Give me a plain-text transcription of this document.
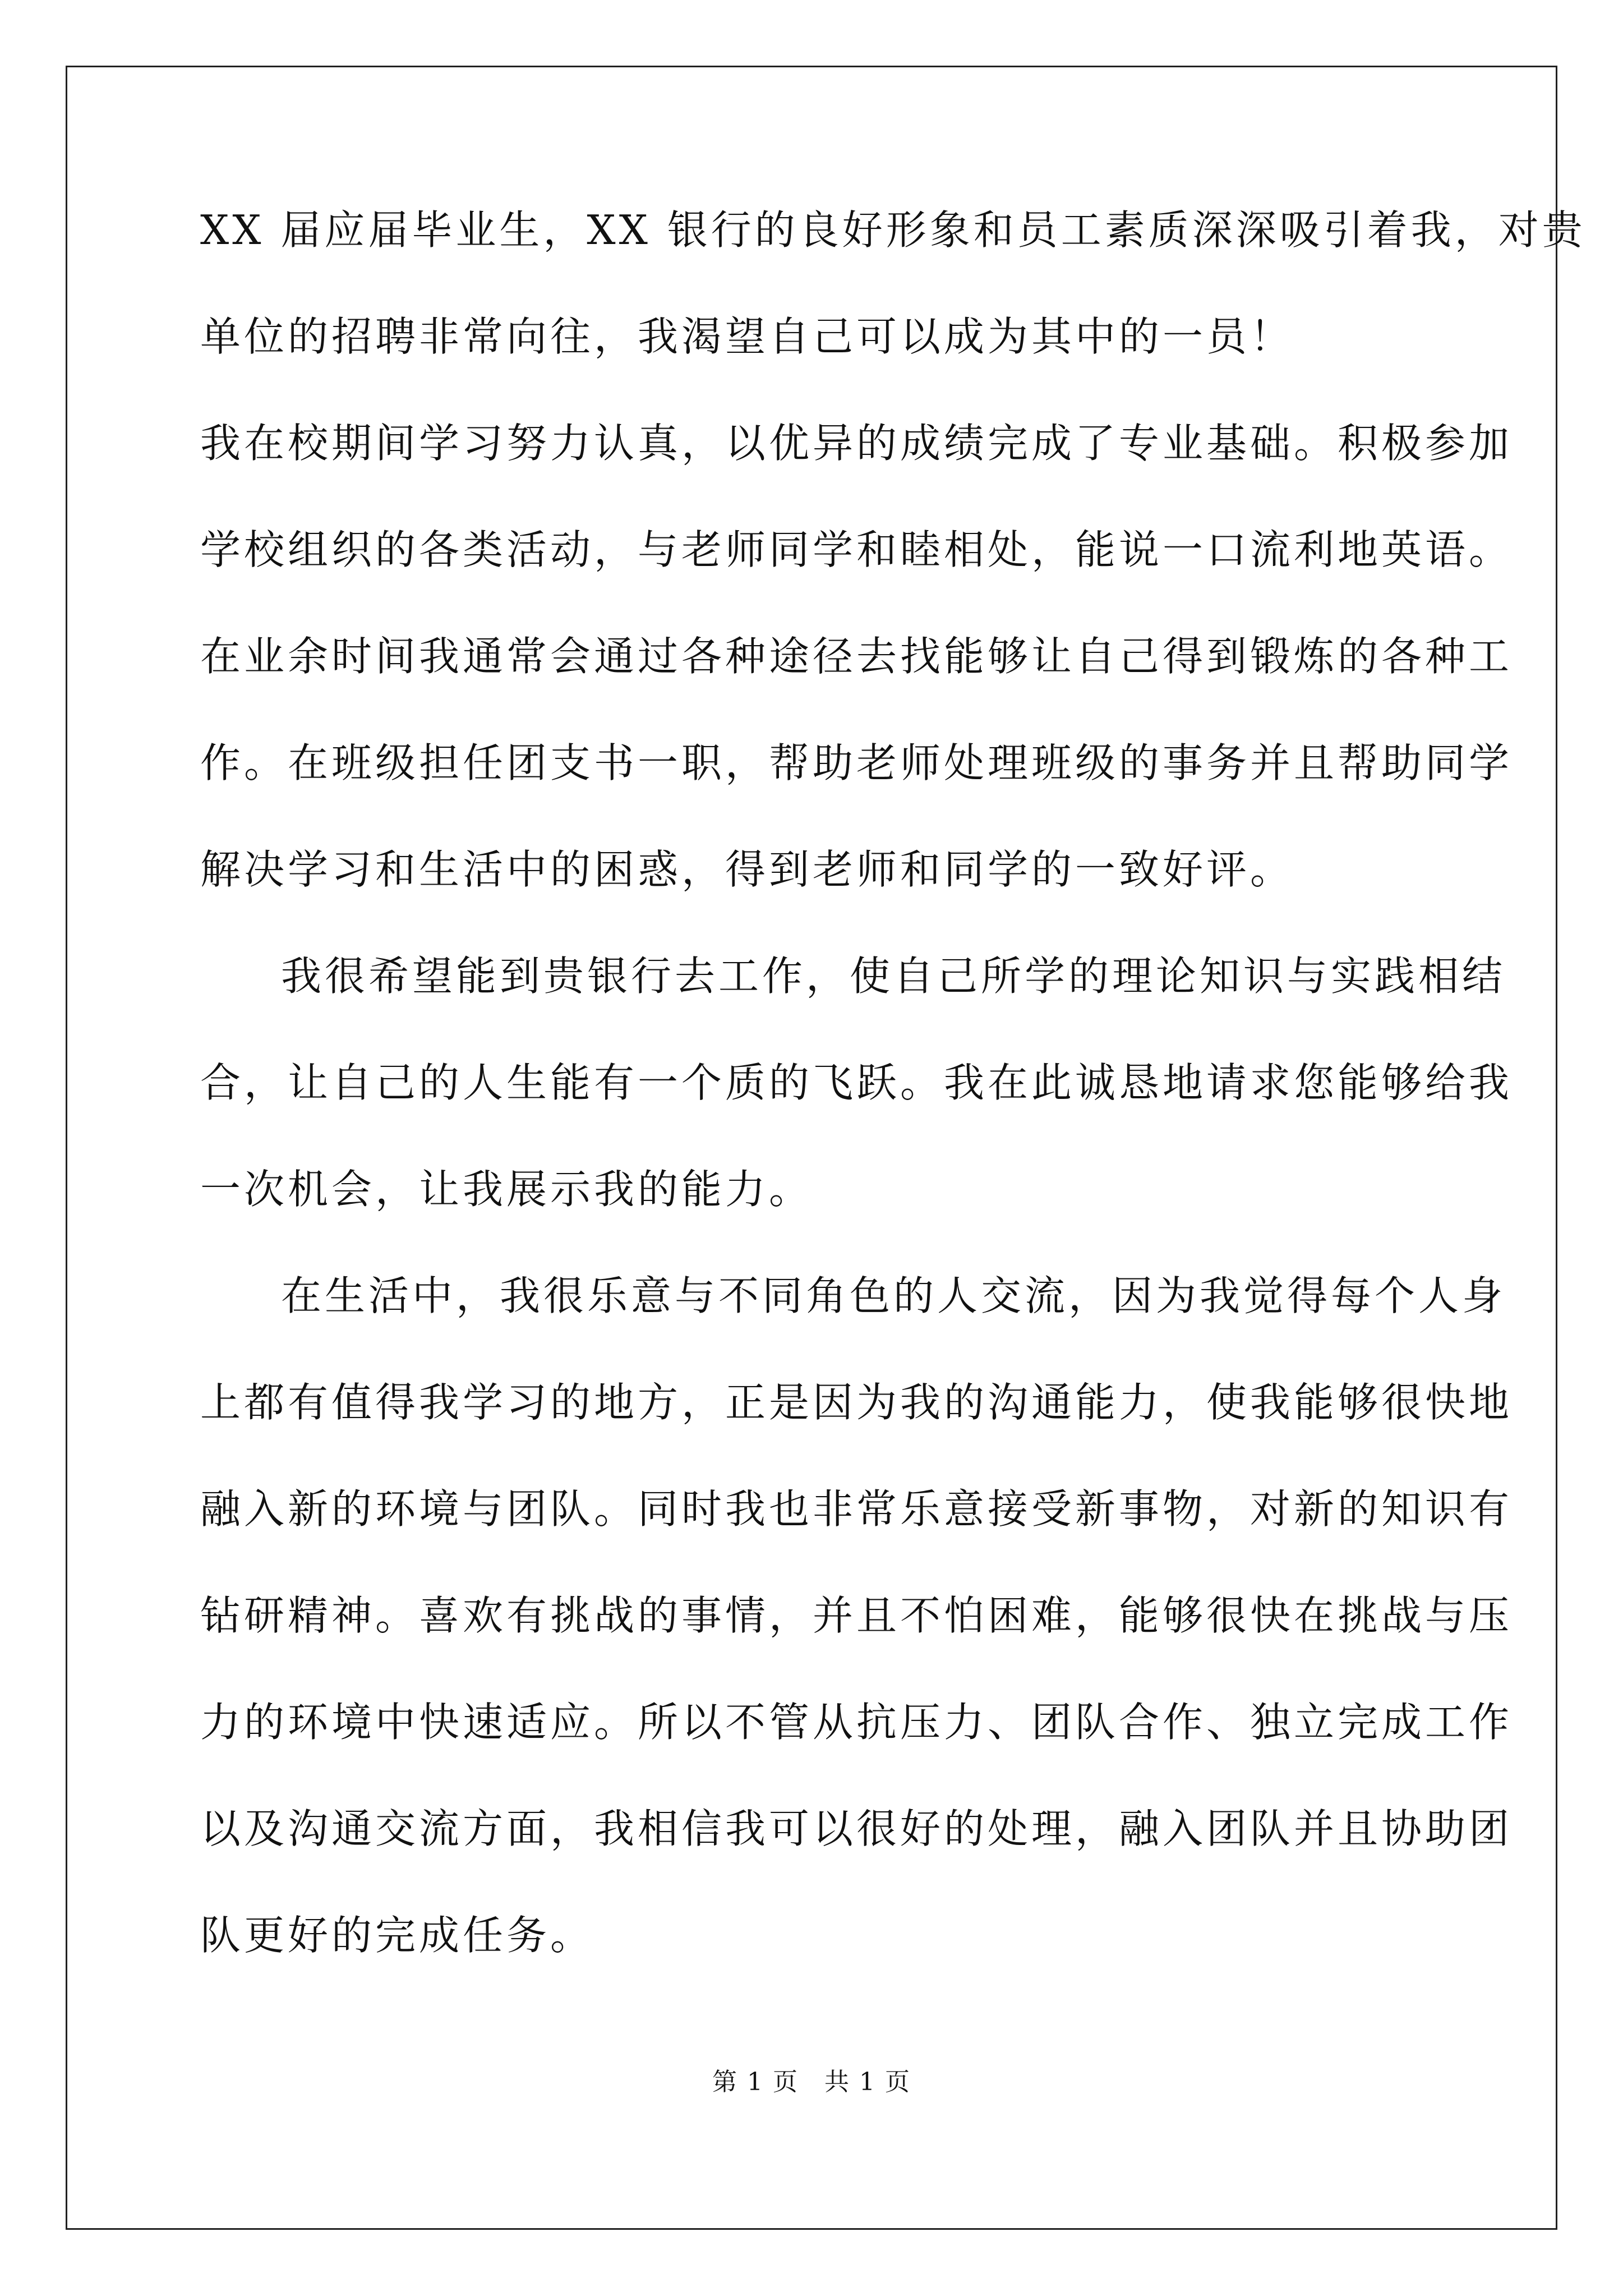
XX 届应届毕业生，XX 银行的良好形象和员工素质深深吸引着我，对贵
单位的招聘非常向往，我渴望自己可以成为其中的一员！
我在校期间学习努力认真，以优异的成绩完成了专业基础。积极参加
学校组织的各类活动，与老师同学和睦相处，能说一口流利地英语。
在业余时间我通常会通过各种途径去找能够让自己得到锻炼的各种工
作。在班级担任团支书一职，帮助老师处理班级的事务并且帮助同学
解决学习和生活中的困惑，得到老师和同学的一致好评。
我很希望能到贵银行去工作，使自己所学的理论知识与实践相结
合，让自己的人生能有一个质的飞跃。我在此诚恳地请求您能够给我
一次机会，让我展示我的能力。
在生活中，我很乐意与不同角色的人交流，因为我觉得每个人身
上都有值得我学习的地方，正是因为我的沟通能力，使我能够很快地
融入新的环境与团队。同时我也非常乐意接受新事物，对新的知识有
钻研精神。喜欢有挑战的事情，并且不怕困难，能够很快在挑战与压
力的环境中快速适应。所以不管从抗压力、团队合作、独立完成工作
以及沟通交流方面，我相信我可以很好的处理，融入团队并且协助团
队更好的完成任务。
第 1 页　共 1 页
